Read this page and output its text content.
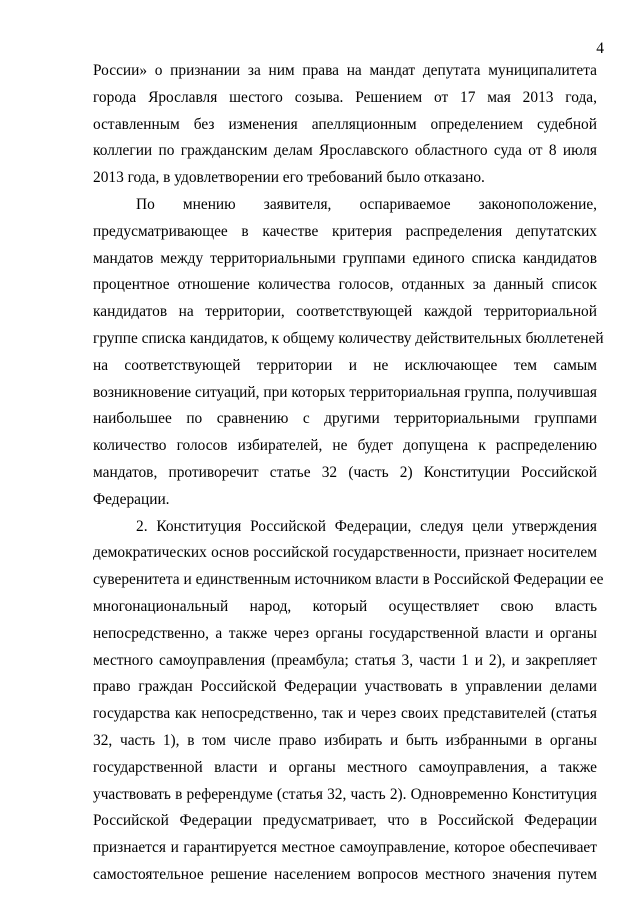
4
России» о признании за ним права на мандат депутата муниципалитета
города Ярославля шестого созыва. Решением от 17 мая 2013 года,
оставленным без изменения апелляционным определением судебной
коллегии по гражданским делам Ярославского областного суда от 8 июля
2013 года, в удовлетворении его требований было отказано.
По мнению заявителя, оспариваемое законоположение,
предусматривающее в качестве критерия распределения депутатских
мандатов между территориальными группами единого списка кандидатов
процентное отношение количества голосов, отданных за данный список
кандидатов на территории, соответствующей каждой территориальной
группе списка кандидатов, к общему количеству действительных бюллетеней
на соответствующей территории и не исключающее тем самым
возникновение ситуаций, при которых территориальная группа, получившая
наибольшее по сравнению с другими территориальными группами
количество голосов избирателей, не будет допущена к распределению
мандатов, противоречит статье 32 (часть 2) Конституции Российской
Федерации.
2. Конституция Российской Федерации, следуя цели утверждения
демократических основ российской государственности, признает носителем
суверенитета и единственным источником власти в Российской Федерации ее
многонациональный народ, который осуществляет свою власть
непосредственно, а также через органы государственной власти и органы
местного самоуправления (преамбула; статья 3, части 1 и 2), и закрепляет
право граждан Российской Федерации участвовать в управлении делами
государства как непосредственно, так и через своих представителей (статья
32, часть 1), в том числе право избирать и быть избранными в органы
государственной власти и органы местного самоуправления, а также
участвовать в референдуме (статья 32, часть 2). Одновременно Конституция
Российской Федерации предусматривает, что в Российской Федерации
признается и гарантируется местное самоуправление, которое обеспечивает
самостоятельное решение населением вопросов местного значения путем
